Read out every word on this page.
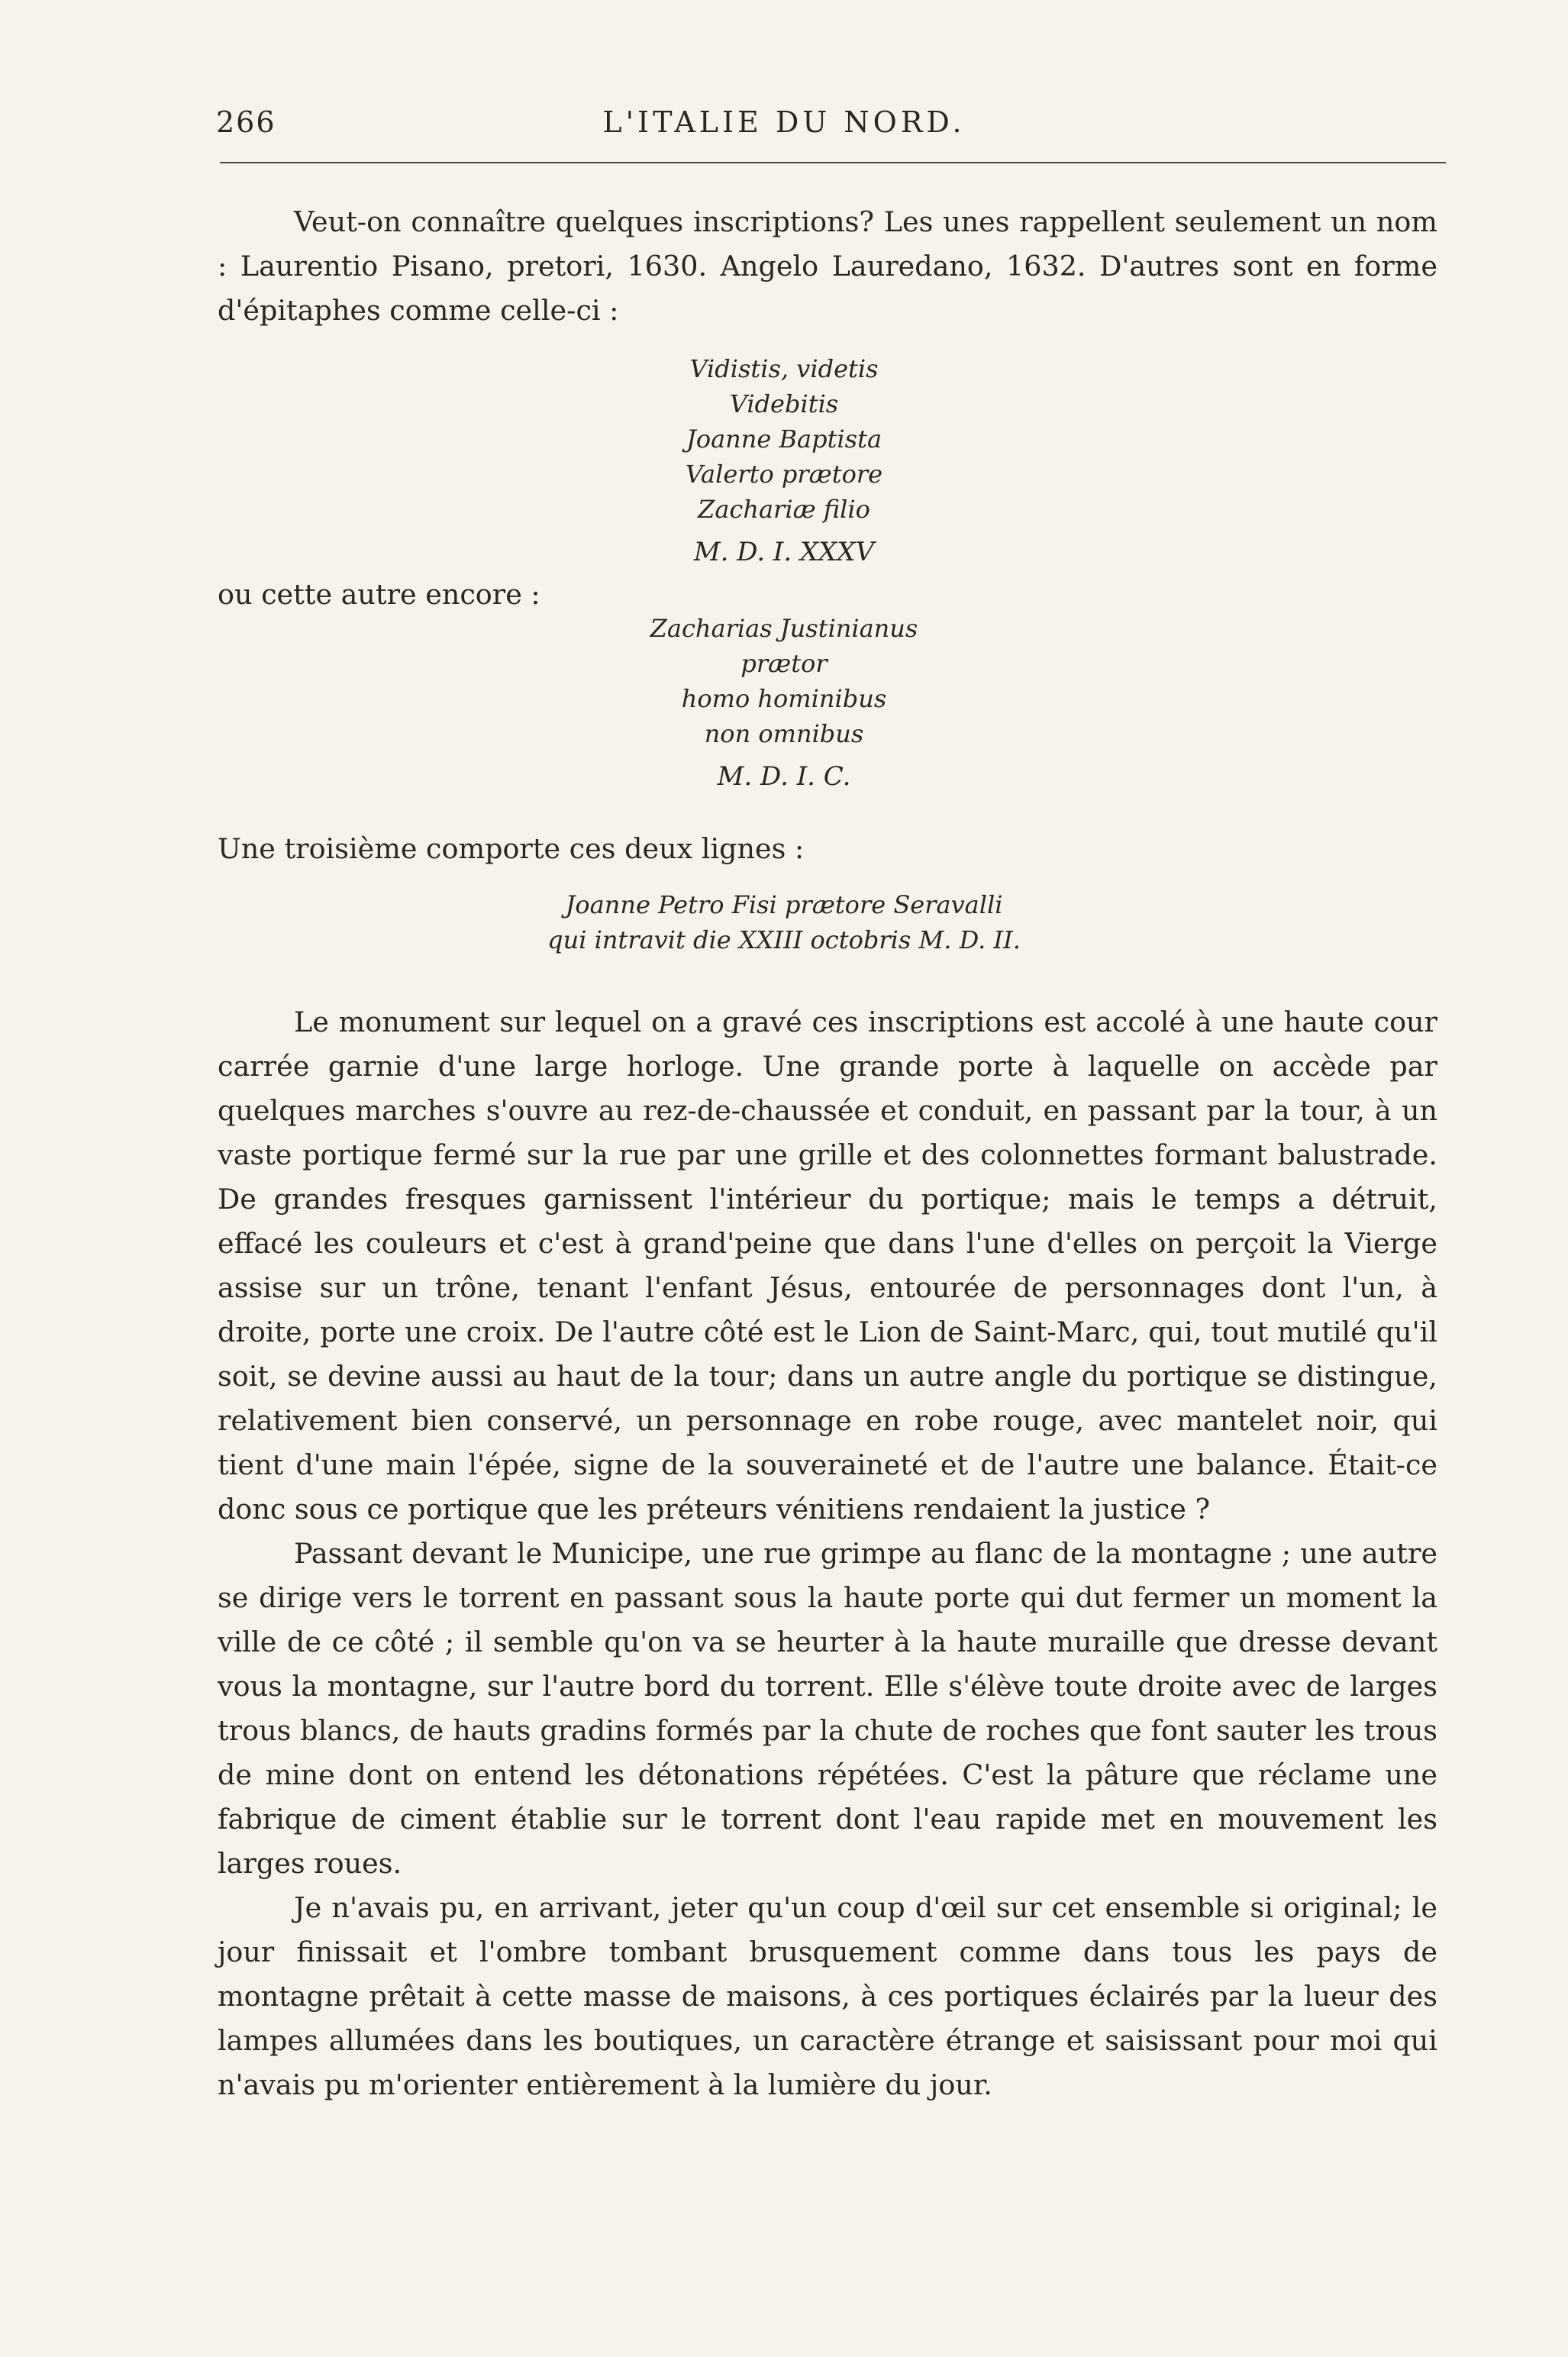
266	L'ITALIE DU NORD.
Veut-on connaître quelques inscriptions? Les unes rappellent seulement un nom : Laurentio Pisano, pretori, 1630. Angelo Lauredano, 1632. D'autres sont en forme d'épitaphes comme celle-ci :
Vidistis, videtis
Videbitis
Joanne Baptista
Valerto prætore
Zachariæ filio
M. D. I. XXXV
ou cette autre encore :
Zacharias Justinianus
prætor
homo hominibus
non omnibus
M. D. I. C.
Une troisième comporte ces deux lignes :
Joanne Petro Fisi prætore Seravalli
qui intravit die XXIII octobris M. D. II.

Le monument sur lequel on a gravé ces inscriptions est accolé à une haute cour carrée garnie d'une large horloge. Une grande porte à laquelle on accède par quelques marches s'ouvre au rez-de-chaussée et conduit, en passant par la tour, à un vaste portique fermé sur la rue par une grille et des colonnettes formant balustrade. De grandes fresques garnissent l'intérieur du portique; mais le temps a détruit, effacé les couleurs et c'est à grand'peine que dans l'une d'elles on perçoit la Vierge assise sur un trône, tenant l'enfant Jésus, entourée de personnages dont l'un, à droite, porte une croix. De l'autre côté est le Lion de Saint-Marc, qui, tout mutilé qu'il soit, se devine aussi au haut de la tour; dans un autre angle du portique se distingue, relativement bien conservé, un personnage en robe rouge, avec mantelet noir, qui tient d'une main l'épée, signe de la souveraineté et de l'autre une balance. Était-ce donc sous ce portique que les préteurs vénitiens rendaient la justice ?

Passant devant le Municipe, une rue grimpe au flanc de la montagne ; une autre se dirige vers le torrent en passant sous la haute porte qui dut fermer un moment la ville de ce côté ; il semble qu'on va se heurter à la haute muraille que dresse devant vous la montagne, sur l'autre bord du torrent. Elle s'élève toute droite avec de larges trous blancs, de hauts gradins formés par la chute de roches que font sauter les trous de mine dont on entend les détonations répétées. C'est la pâture que réclame une fabrique de ciment établie sur le torrent dont l'eau rapide met en mouvement les larges roues.

Je n'avais pu, en arrivant, jeter qu'un coup d'œil sur cet ensemble si original; le jour finissait et l'ombre tombant brusquement comme dans tous les pays de montagne prêtait à cette masse de maisons, à ces portiques éclairés par la lueur des lampes allumées dans les boutiques, un caractère étrange et saisissant pour moi qui n'avais pu m'orienter entièrement à la lumière du jour.
